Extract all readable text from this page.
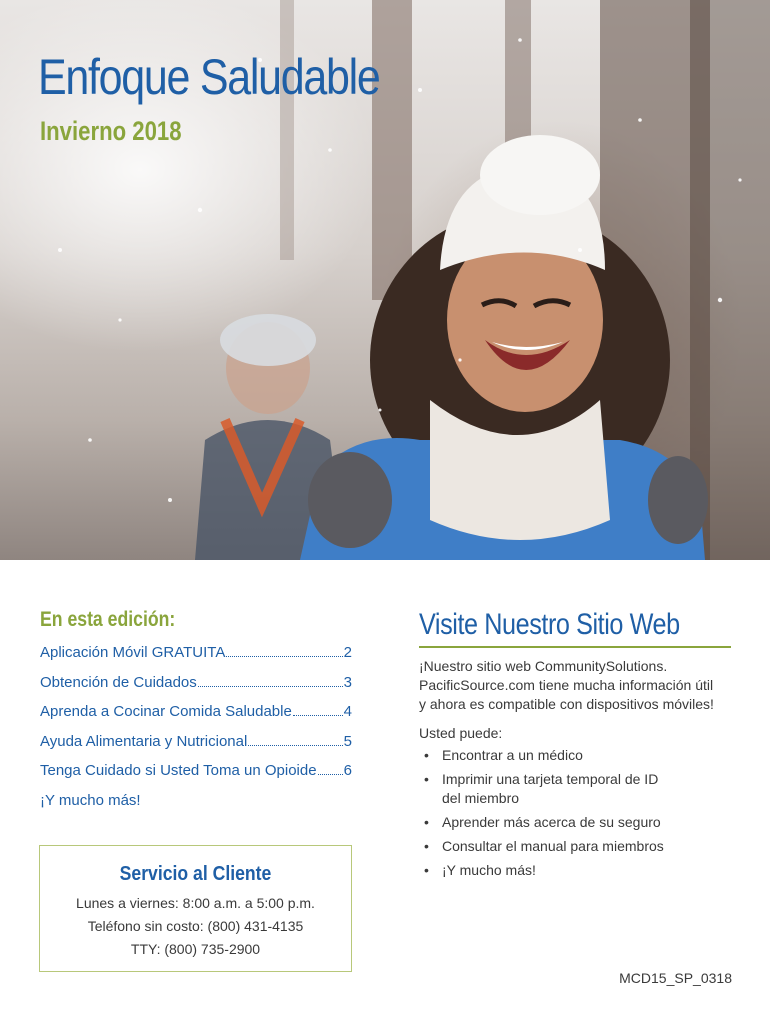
Enfoque Saludable
Invierno 2018
En esta edición:
Aplicación Móvil GRATUITA	2
Obtención de Cuidados	3
Aprenda a Cocinar Comida Saludable	4
Ayuda Alimentaria y Nutricional	5
Tenga Cuidado si Usted Toma un Opioide 6
¡Y mucho más!
Servicio al Cliente
Lunes a viernes: 8:00 a.m. a 5:00 p.m.
Teléfono sin costo: (800) 431-4135
TTY: (800) 735-2900
Visite Nuestro Sitio Web
¡Nuestro sitio web CommunitySolutions.
PacificSource.com tiene mucha información útil
y ahora es compatible con dispositivos móviles!
Usted puede:
• Encontrar a un médico
• Imprimir una tarjeta temporal de ID
del miembro
• Aprender más acerca de su seguro
• Consultar el manual para miembros
• ¡Y mucho más!
MCD15_SP_0318
